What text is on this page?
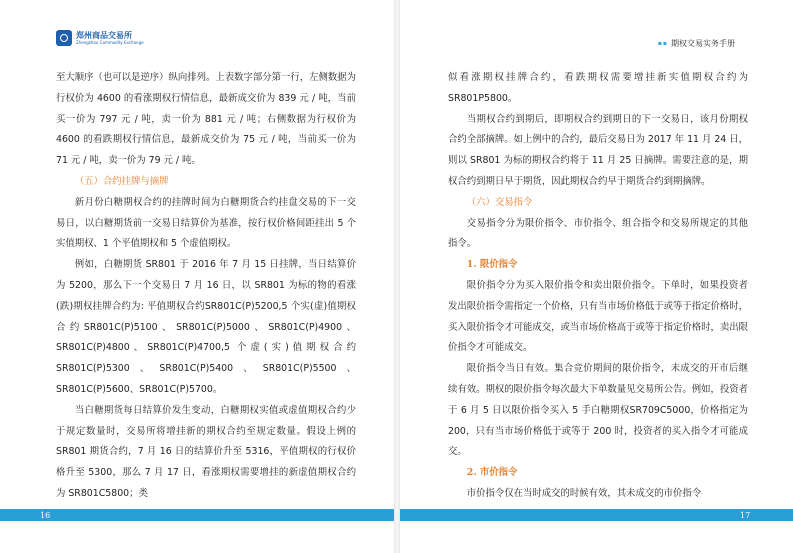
郑州商品交易所
Zhengzhou Commodity Exchange	▪▪ 期权交易实务手册

至大顺序（也可以是逆序）纵向排列。上表数字部分第一行，左侧数据为行权价为 4600 的看涨期权行情信息，最新成交价为 839 元 / 吨，当前买一价为 797 元 / 吨，卖一价为 881 元 / 吨；右侧数据为行权价为 4600 的看跌期权行情信息，最新成交价为 75 元 / 吨，当前买一价为 71 元 / 吨，卖一价为 79 元 / 吨。

（五）合约挂牌与摘牌

新月份白糖期权合约的挂牌时间为白糖期货合约挂盘交易的下一交易日，以白糖期货前一交易日结算价为基准，按行权价格间距挂出 5 个实值期权、1 个平值期权和 5 个虚值期权。

例如，白糖期货 SR801 于 2016 年 7 月 15 日挂牌，当日结算价为 5200，那么下一个交易日 7 月 16 日，以 SR801 为标的物的看涨(跌)期权挂牌合约为: 平值期权合约SR801C(P)5200,5 个实(虚)值期权合约SR801C(P)5100、SR801C(P)5000、SR801C(P)4900、SR801C(P)4800、SR801C(P)4700,5 个虚(实)值期权合约SR801C(P)5300、SR801C(P)5400、SR801C(P)5500、SR801C(P)5600、SR801C(P)5700。

当白糖期货每日结算价发生变动，白糖期权实值或虚值期权合约少于规定数量时，交易所将增挂新的期权合约至规定数量。假设上例的 SR801 期货合约，7 月 16 日的结算价升至 5316，平值期权的行权价格升至 5300，那么 7 月 17 日，看涨期权需要增挂的新虚值期权合约为 SR801C5800；类

似看涨期权挂牌合约，看跌期权需要增挂新实值期权合约为SR801P5800。

当期权合约到期后，即期权合约到期日的下一交易日，该月份期权合约全部摘牌。如上例中的合约，最后交易日为 2017 年 11 月 24 日，则以 SR801 为标的期权合约将于 11 月 25 日摘牌。需要注意的是，期权合约到期日早于期货，因此期权合约早于期货合约到期摘牌。

（六）交易指令

交易指令分为限价指令、市价指令、组合指令和交易所规定的其他指令。

1. 限价指令

限价指令分为买入限价指令和卖出限价指令。下单时，如果投资者发出限价指令需指定一个价格，只有当市场价格低于或等于指定价格时，买入限价指令才可能成交，或当市场价格高于或等于指定价格时，卖出限价指令才可能成交。

限价指令当日有效。集合竞价期间的限价指令，未成交的开市后继续有效。期权的限价指令每次最大下单数量见交易所公告。例如，投资者于 6 月 5 日以限价指令买入 5 手白糖期权SR709C5000，价格指定为 200，只有当市场价格低于或等于 200 时，投资者的买入指令才可能成交。

2. 市价指令

市价指令仅在当时成交的时候有效，其未成交的市价指令

16	17
